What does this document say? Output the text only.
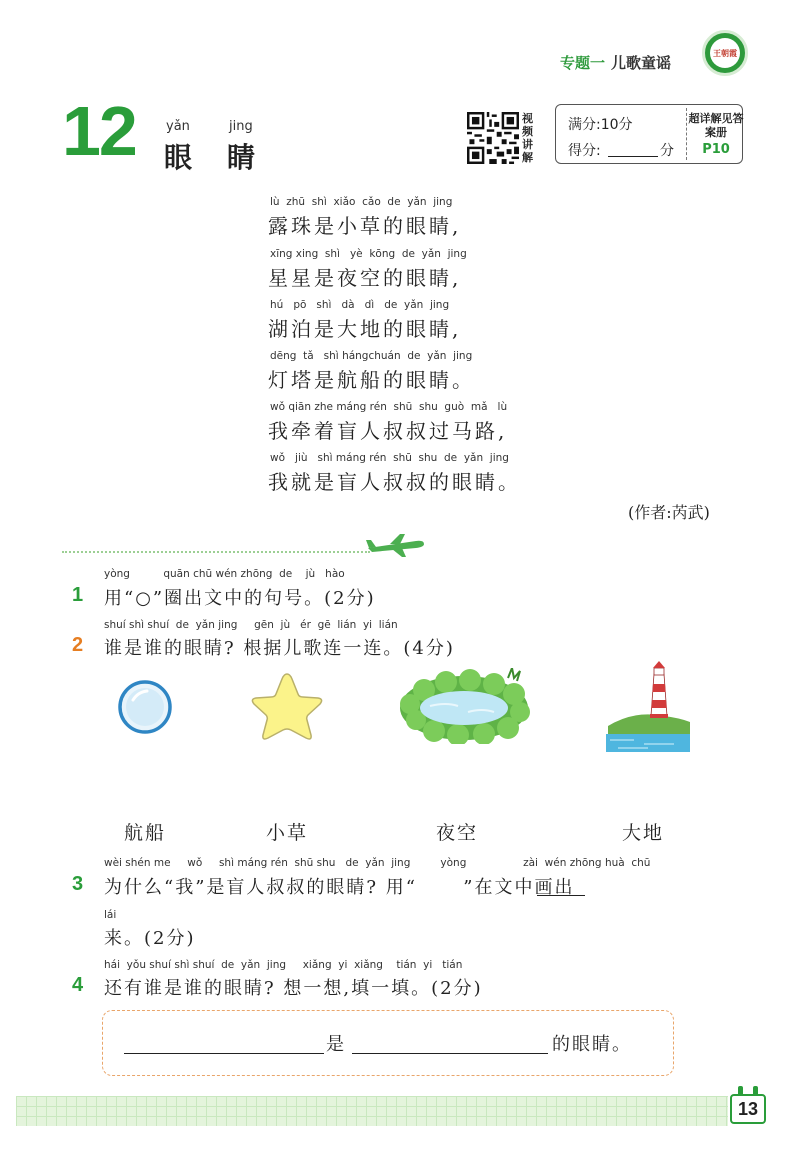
专题一 儿歌童谣
王朝霞
12 yǎn	jing
眼 睛
视频讲解
满分:10分
得分:	分
超详解见答案册
P10
lù  zhū  shì  xiǎo  cǎo  de  yǎn  jing
露珠是小草的眼睛,
xīng xing  shì   yè  kōng  de  yǎn  jing
星星是夜空的眼睛,
hú   pō   shì   dà   dì   de  yǎn  jing
湖泊是大地的眼睛,
dēng  tǎ   shì hángchuán  de  yǎn  jing
灯塔是航船的眼睛。
wǒ qiān zhe máng rén  shū  shu  guò  mǎ   lù
我牵着盲人叔叔过马路,
wǒ   jiù   shì máng rén  shū  shu  de  yǎn  jing
我就是盲人叔叔的眼睛。
(作者:芮武)
1
yòng          quān chū wén zhōng  de    jù   hào
用“○”圈出文中的句号。(2分)
2
shuí shì shuí  de  yǎn jing     gēn  jù   ér  gē  lián  yi  lián
谁是谁的眼睛? 根据儿歌连一连。(4分)
航船	小草	夜空	大地
3
wèi shén me     wǒ     shì máng rén  shū shu   de  yǎn  jing         yòng                 zài  wén zhōng huà  chū
为什么“我”是盲人叔叔的眼睛? 用“      ”在文中画出
lái
来。(2分)
4
hái  yǒu shuí shì shuí  de  yǎn  jing     xiǎng  yi  xiǎng    tián  yi   tián
还有谁是谁的眼睛? 想一想,填一填。(2分)
是	的眼睛。
13
